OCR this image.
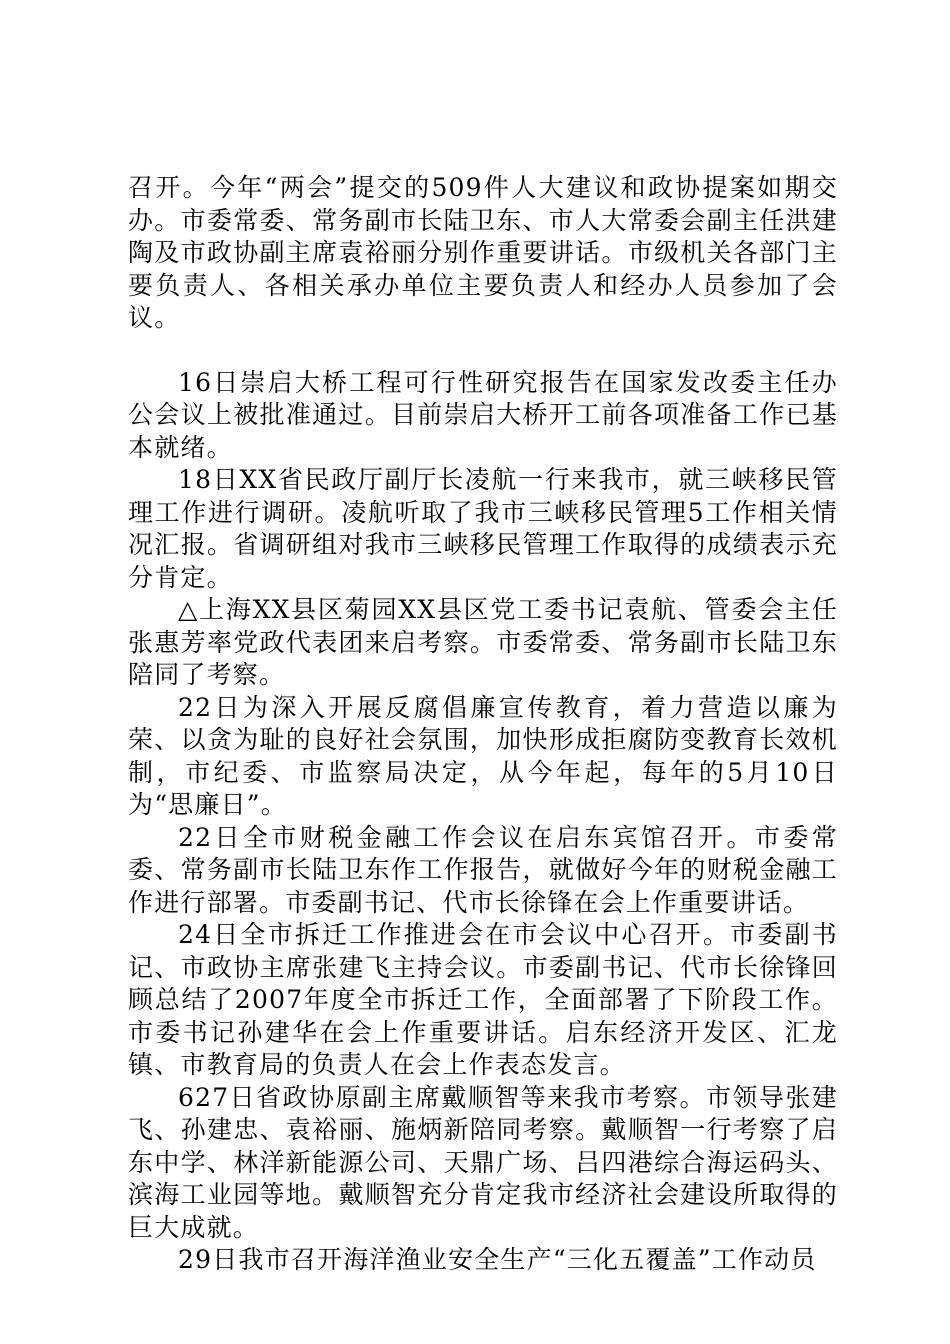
召开。今年“两会”提交的509件人大建议和政协提案如期交办。市委常委、常务副市长陆卫东、市人大常委会副主任洪建陶及市政协副主席袁裕丽分别作重要讲话。市级机关各部门主要负责人、各相关承办单位主要负责人和经办人员参加了会议。

16日崇启大桥工程可行性研究报告在国家发改委主任办公会议上被批准通过。目前崇启大桥开工前各项准备工作已基本就绪。

18日XX省民政厅副厅长凌航一行来我市，就三峡移民管理工作进行调研。凌航听取了我市三峡移民管理5工作相关情况汇报。省调研组对我市三峡移民管理工作取得的成绩表示充分肯定。

△上海XX县区菊园XX县区党工委书记袁航、管委会主任张惠芳率党政代表团来启考察。市委常委、常务副市长陆卫东陪同了考察。

22日为深入开展反腐倡廉宣传教育，着力营造以廉为荣、以贪为耻的良好社会氛围，加快形成拒腐防变教育长效机制，市纪委、市监察局决定，从今年起，每年的5月10日为“思廉日”。

22日全市财税金融工作会议在启东宾馆召开。市委常委、常务副市长陆卫东作工作报告，就做好今年的财税金融工作进行部署。市委副书记、代市长徐锋在会上作重要讲话。

24日全市拆迁工作推进会在市会议中心召开。市委副书记、市政协主席张建飞主持会议。市委副书记、代市长徐锋回顾总结了2007年度全市拆迁工作，全面部署了下阶段工作。市委书记孙建华在会上作重要讲话。启东经济开发区、汇龙镇、市教育局的负责人在会上作表态发言。

627日省政协原副主席戴顺智等来我市考察。市领导张建飞、孙建忠、袁裕丽、施炳新陪同考察。戴顺智一行考察了启东中学、林洋新能源公司、天鼎广场、吕四港综合海运码头、滨海工业园等地。戴顺智充分肯定我市经济社会建设所取得的巨大成就。

29日我市召开海洋渔业安全生产“三化五覆盖”工作动员
